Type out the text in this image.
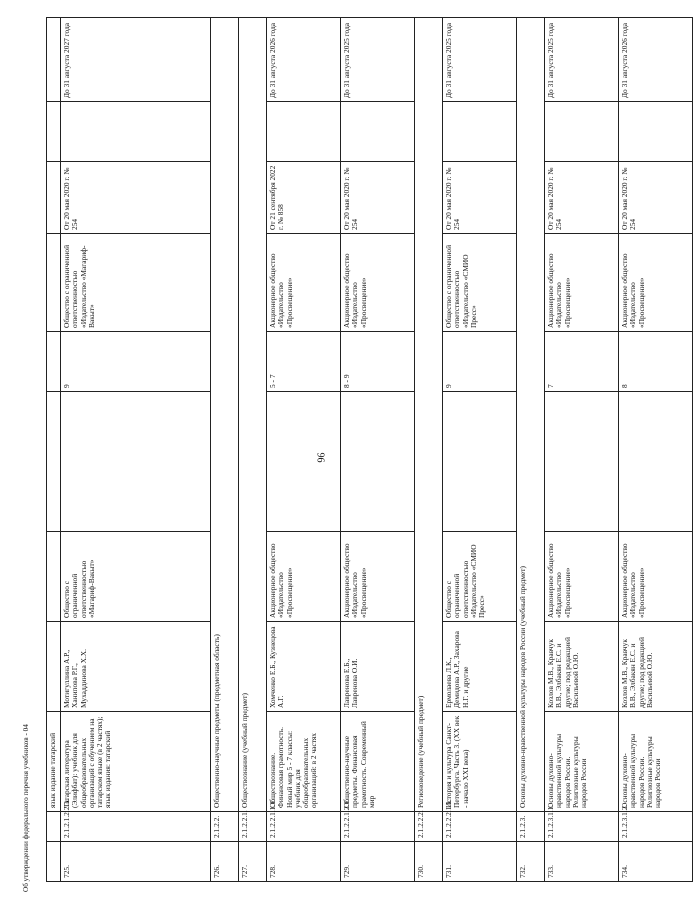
96
Об утверждении федерального перечня учебников - 04
		язык издание татарский								
725.	2.1.2.1.2.2.3.	Татарская литература (Элифбат): учебник для общеобразовательных организаций с обучением на татарском языке (в 2 частях); язык издания: татарский	Мотигуллина А.Р., Ханипова Р.Г., Мухаддинова Х.Х.	Общество с ограниченной ответственностью «Магариф-Вакыт»		9	Общество с ограниченной ответственностью «Издательство «Магариф-Вакыт»	От 20 мая 2020 г. № 254		До 31 августа 2027 года
726.	2.1.2.2.	Общественно-научные предметы (предметная область)								
727.	2.1.2.2.1.	Обществознание (учебный предмет)								
728.	2.1.2.2.1.1.1.	Обществознание. Финансовая грамотность. Новый мир 5 - 7 классы: учебник для общеобразовательных организаций: в 2 частях	Хомченко Е.Б., Кузнецова А.Г.	Акционерное общество «Издательство «Просвещение»		5 - 7	Акционерное общество «Издательство «Просвещение»	От 21 сентября 2022 г. № 858		До 31 августа 2026 года
729.	2.1.2.2.1.2.1.	Общественно-научные предметы. Финансовая грамотность. Современный мир	Лавренова Е.Б., Лавренова О.И.	Акционерное общество «Издательство «Просвещение»		8 - 9	Акционерное общество «Издательство «Просвещение»	От 20 мая 2020 г. № 254		До 31 августа 2025 года
730.	2.1.2.2.2.	Регионоведение (учебный предмет)								
731.	2.1.2.2.2.1.1.	История и культура Санкт-Петербурга. Часть 3. (XX век - начало XXI века)	Ермолаева Л.К., Демидова А.Р., Захарова Н.Г. и другие	Общество с ограниченной ответственностью «Издательство «СМИО Пресс»		9	Общество с ограниченной ответственностью «Издательство «СМИО Пресс»	От 20 мая 2020 г. № 254		До 31 августа 2025 года
732.	2.1.2.3.	Основы духовно-нравственной культуры народов России (учебный предмет)								
733.	2.1.2.3.1.1.	Основы духовно-нравственной культуры народов России. Религиозные культуры народов России	Козлов М.В., Кравчук В.В., Элбакян Е.С. и другие; под редакцией Васильевой О.Ю.	Акционерное общество «Издательство «Просвещение»		7	Акционерное общество «Издательство «Просвещение»	От 20 мая 2020 г. № 254		До 31 августа 2025 года
734.	2.1.2.3.1.2.	Основы духовно-нравственной культуры народов России. Религиозные культуры народов России	Козлов М.В., Кравчук В.В., Элбакян Е.С. и другие; под редакцией Васильевой О.Ю.	Акционерное общество «Издательство «Просвещение»		8	Акционерное общество «Издательство «Просвещение»	От 20 мая 2020 г. № 254		До 31 августа 2026 года
